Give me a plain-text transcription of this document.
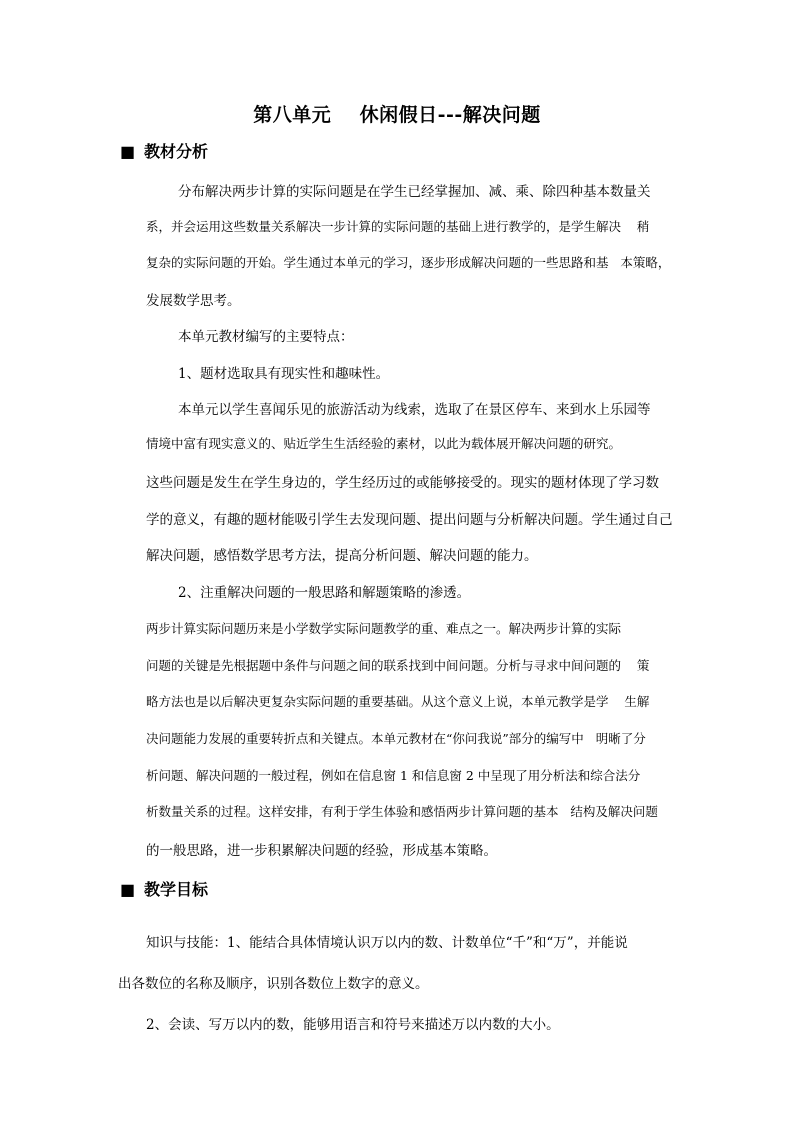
第八单元    休闲假日---解决问题
■ 教材分析
分布解决两步计算的实际问题是在学生已经掌握加、减、乘、除四种基本数量关
系，并会运用这些数量关系解决一步计算的实际问题的基础上进行教学的，是学生解决    稍
复杂的实际问题的开始。学生通过本单元的学习，逐步形成解决问题的一些思路和基   本策略，
发展数学思考。
本单元教材编写的主要特点：
1、题材选取具有现实性和趣味性。
本单元以学生喜闻乐见的旅游活动为线索，选取了在景区停车、来到水上乐园等
情境中富有现实意义的、贴近学生生活经验的素材，以此为载体展开解决问题的研究。
这些问题是发生在学生身边的，学生经历过的或能够接受的。现实的题材体现了学习数
学的意义，有趣的题材能吸引学生去发现问题、提出问题与分析解决问题。学生通过自己
解决问题，感悟数学思考方法，提高分析问题、解决问题的能力。
2、注重解决问题的一般思路和解题策略的渗透。
两步计算实际问题历来是小学数学实际问题教学的重、难点之一。解决两步计算的实际
问题的关键是先根据题中条件与问题之间的联系找到中间问题。分析与寻求中间问题的    策
略方法也是以后解决更复杂实际问题的重要基础。从这个意义上说，本单元教学是学    生解
决问题能力发展的重要转折点和关键点。本单元教材在“你问我说”部分的编写中   明晰了分
析问题、解决问题的一般过程，例如在信息窗 1 和信息窗 2 中呈现了用分析法和综合法分
析数量关系的过程。这样安排，有利于学生体验和感悟两步计算问题的基本   结构及解决问题
的一般思路，进一步积累解决问题的经验，形成基本策略。
■ 教学目标
知识与技能：1、能结合具体情境认识万以内的数、计数单位“千”和“万”，并能说
出各数位的名称及顺序，识别各数位上数字的意义。
2、会读、写万以内的数，能够用语言和符号来描述万以内数的大小。
